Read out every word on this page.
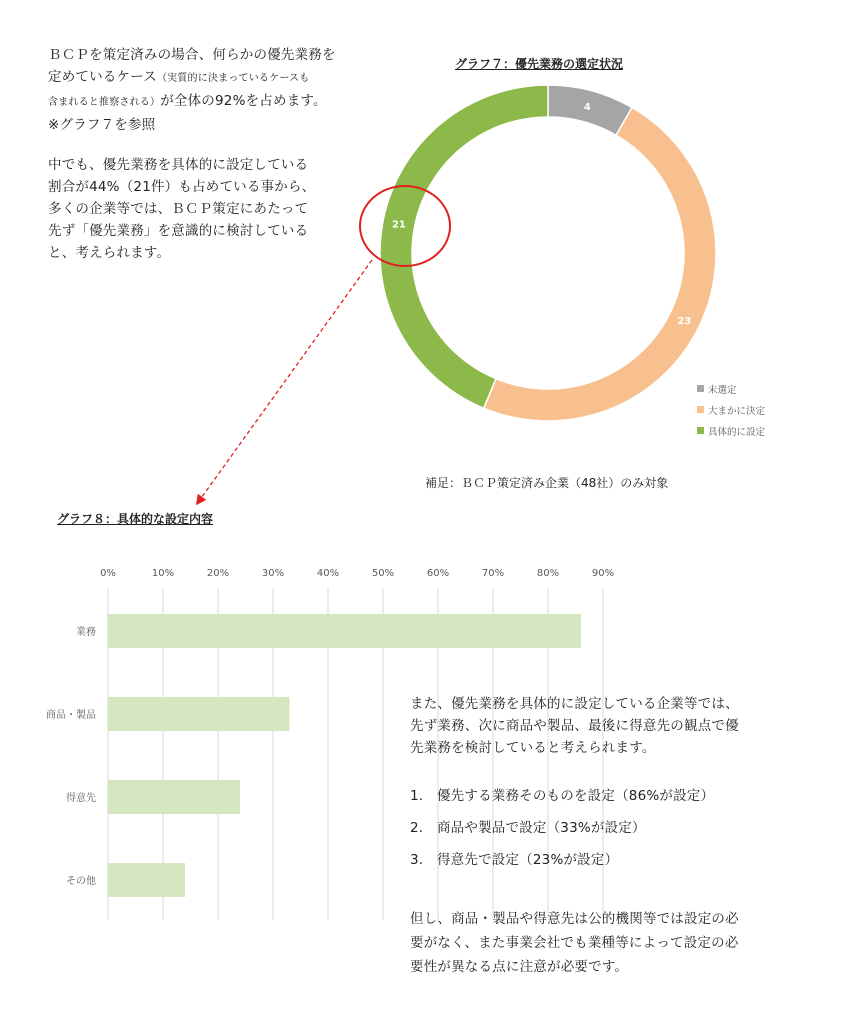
ＢＣＰを策定済みの場合、何らかの優先業務を
定めているケース（実質的に決まっているケースも
含まれると推察される）が全体の92%を占めます。
※グラフ７を参照
中でも、優先業務を具体的に設定している
割合が44%（21件）も占めている事から、
多くの企業等では、ＢＣＰ策定にあたって
先ず「優先業務」を意識的に検討している
と、考えられます。
グラフ７：優先業務の選定状況
4
23
21
未選定
大まかに決定
具体的に設定
補足：ＢＣＰ策定済み企業（48社）のみ対象
グラフ８：具体的な設定内容
0%	10%	20%	30%	40%	50%	60%	70%	80%	90%
業務
商品・製品
得意先
その他
また、優先業務を具体的に設定している企業等では、
先ず業務、次に商品や製品、最後に得意先の観点で優
先業務を検討していると考えられます。
1.　優先する業務そのものを設定（86%が設定）
2.　商品や製品で設定（33%が設定）
3.　得意先で設定（23%が設定）
但し、商品・製品や得意先は公的機関等では設定の必
要がなく、また事業会社でも業種等によって設定の必
要性が異なる点に注意が必要です。
